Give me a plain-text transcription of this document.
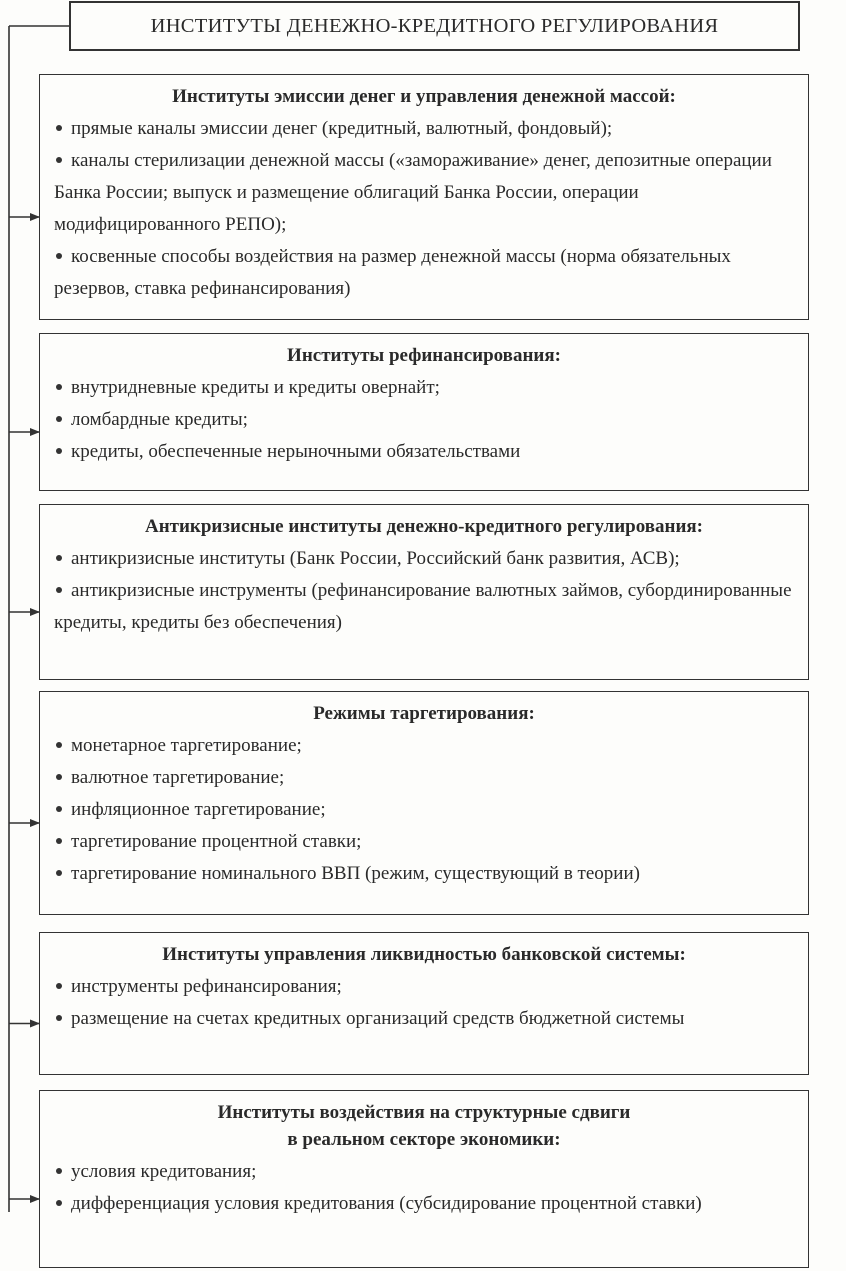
ИНСТИТУТЫ ДЕНЕЖНО-КРЕДИТНОГО РЕГУЛИРОВАНИЯ
Институты эмиссии денег и управления денежной массой:
прямые каналы эмиссии денег (кредитный, валютный, фондовый);
каналы стерилизации денежной массы («замораживание» денег, депозитные операции Банка России; выпуск и размещение облигаций Банка России, операции модифицированного РЕПО);
косвенные способы воздействия на размер денежной массы (норма обязательных резервов, ставка рефинансирования)
Институты рефинансирования:
внутридневные кредиты и кредиты овернайт;
ломбардные кредиты;
кредиты, обеспеченные нерыночными обязательствами
Антикризисные институты денежно-кредитного регулирования:
антикризисные институты (Банк России, Российский банк развития, АСВ);
антикризисные инструменты (рефинансирование валютных займов, субординированные кредиты, кредиты без обеспечения)
Режимы таргетирования:
монетарное таргетирование;
валютное таргетирование;
инфляционное таргетирование;
таргетирование процентной ставки;
таргетирование номинального ВВП (режим, существующий в теории)
Институты управления ликвидностью банковской системы:
инструменты рефинансирования;
размещение на счетах кредитных организаций средств бюджетной системы
Институты воздействия на структурные сдвиги
в реальном секторе экономики:
условия кредитования;
дифференциация условия кредитования (субсидирование процентной ставки)
